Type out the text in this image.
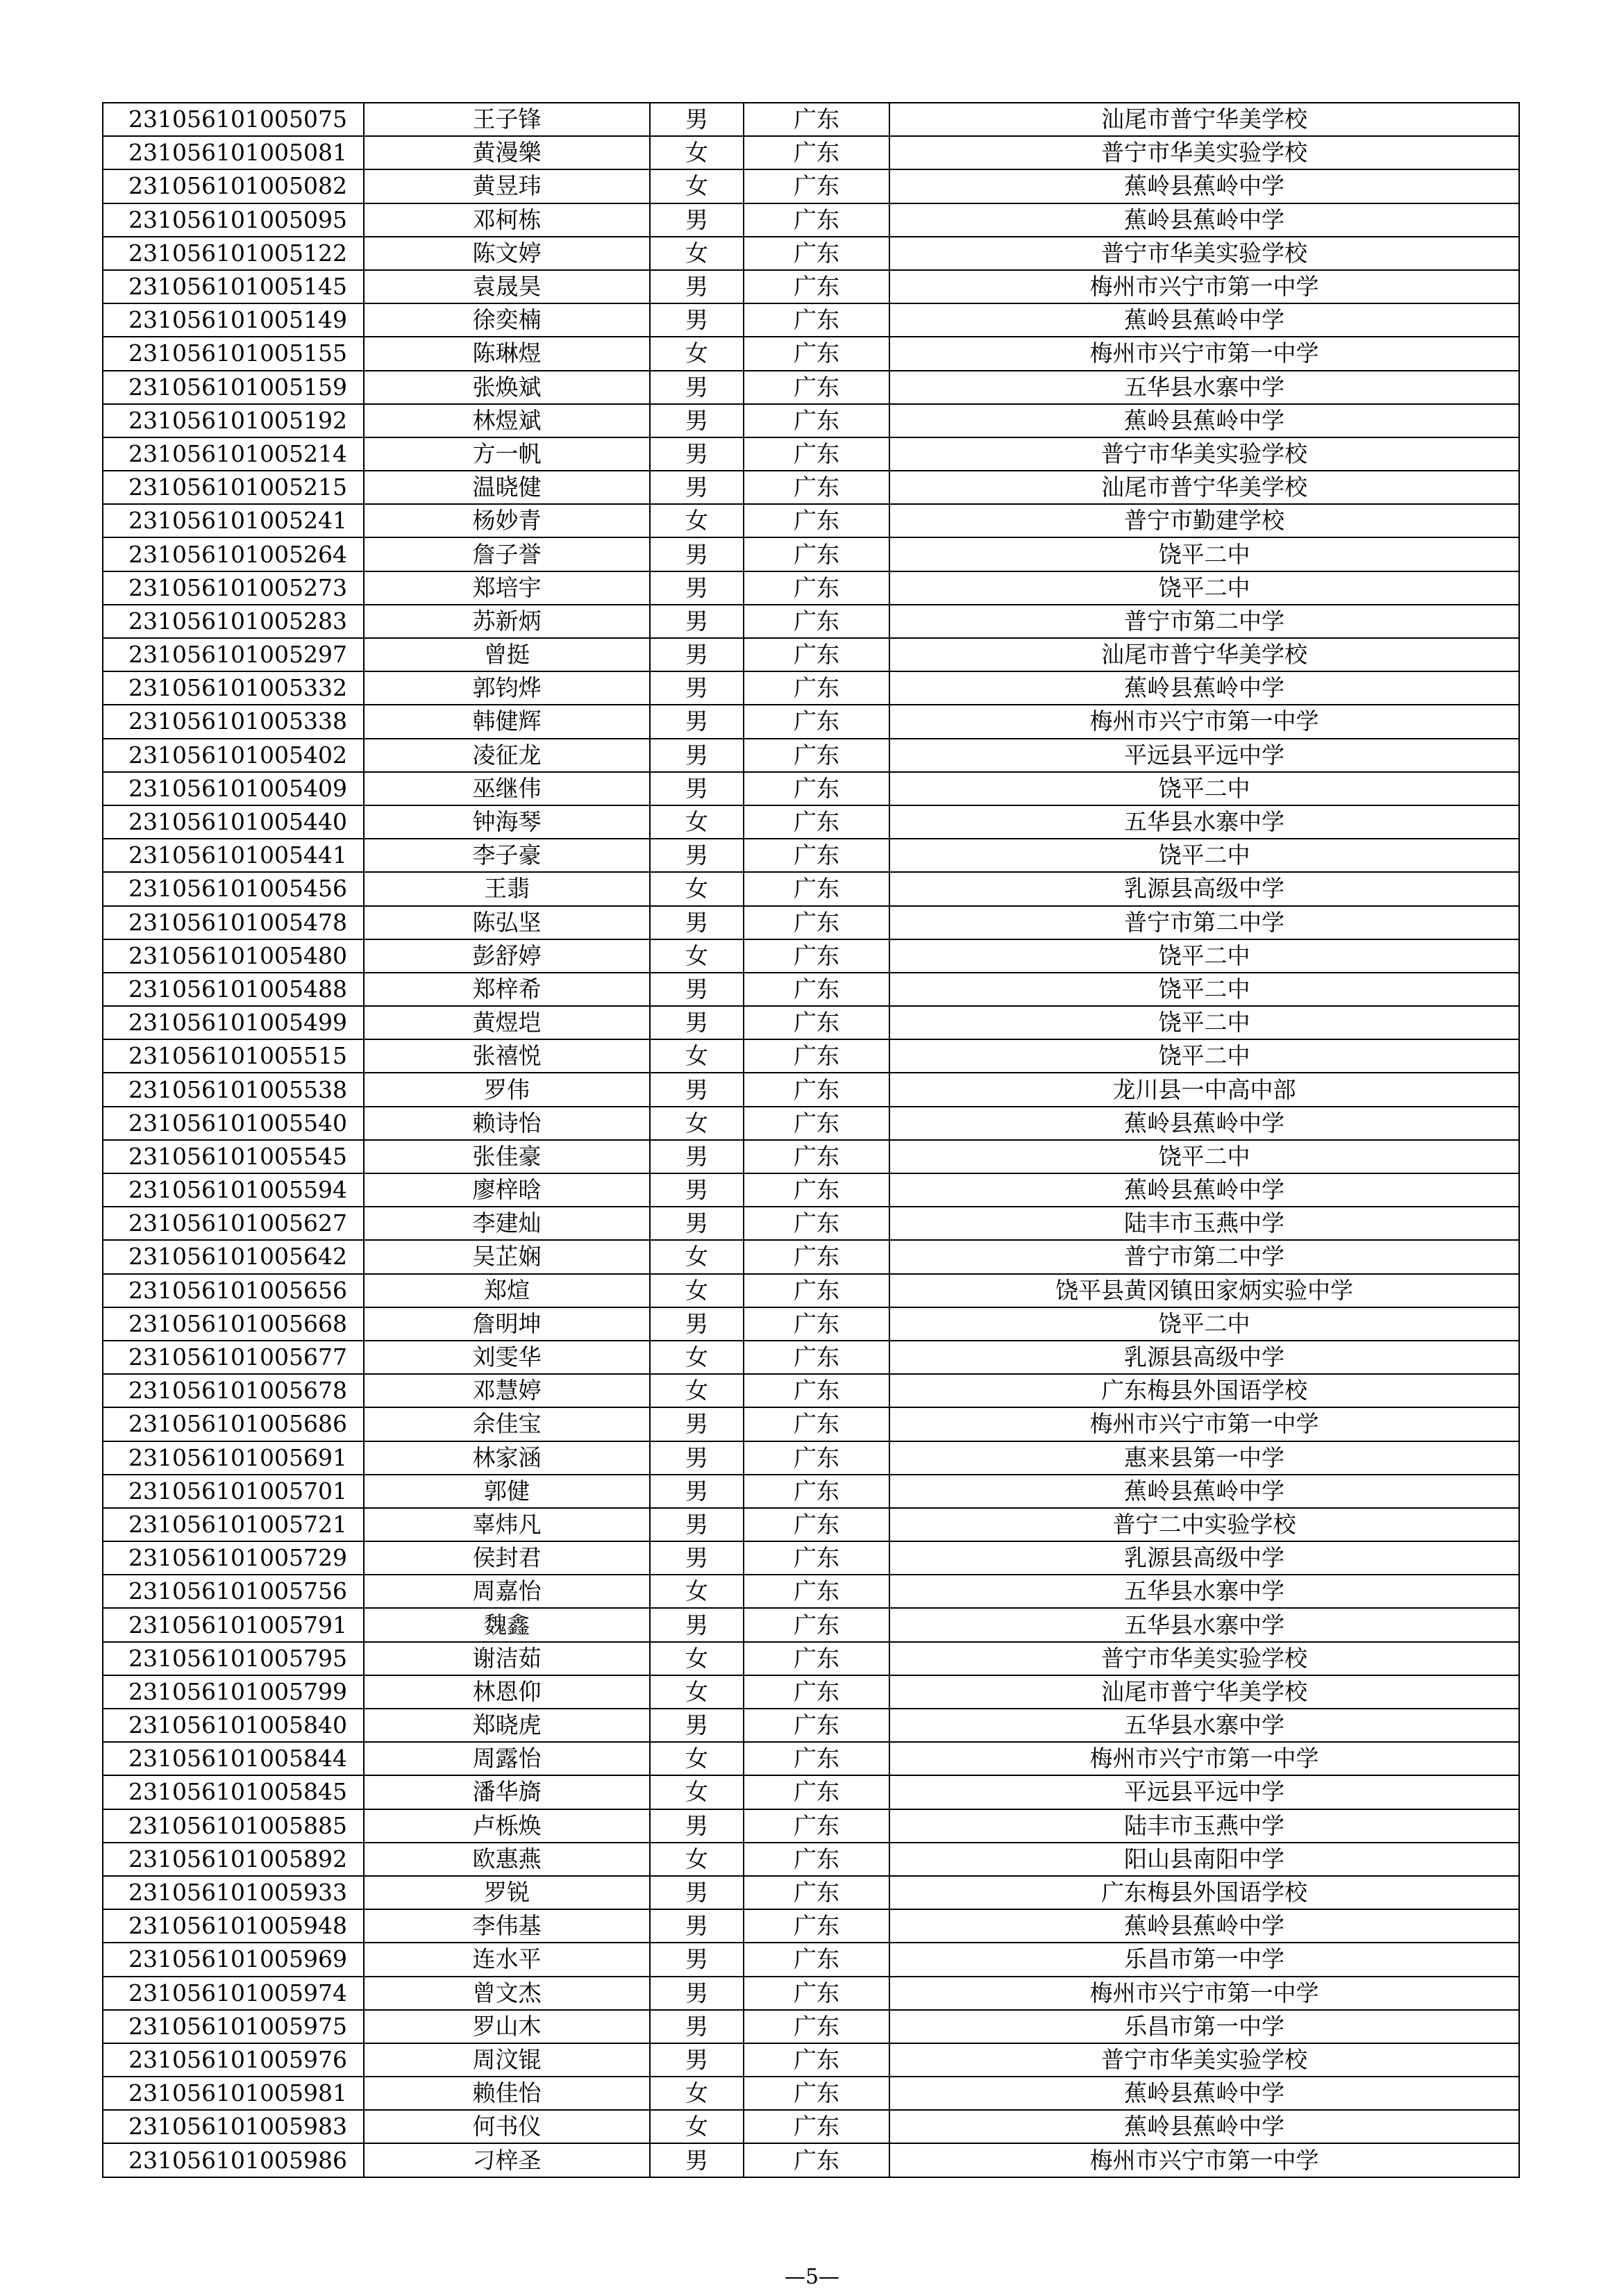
231056101005075	王子锋	男	广东	汕尾市普宁华美学校
231056101005081	黄漫樂	女	广东	普宁市华美实验学校
231056101005082	黄昱玮	女	广东	蕉岭县蕉岭中学
231056101005095	邓柯栋	男	广东	蕉岭县蕉岭中学
231056101005122	陈文婷	女	广东	普宁市华美实验学校
231056101005145	袁晟昊	男	广东	梅州市兴宁市第一中学
231056101005149	徐奕楠	男	广东	蕉岭县蕉岭中学
231056101005155	陈琳煜	女	广东	梅州市兴宁市第一中学
231056101005159	张焕斌	男	广东	五华县水寨中学
231056101005192	林煜斌	男	广东	蕉岭县蕉岭中学
231056101005214	方一帆	男	广东	普宁市华美实验学校
231056101005215	温晓健	男	广东	汕尾市普宁华美学校
231056101005241	杨妙青	女	广东	普宁市勤建学校
231056101005264	詹子誉	男	广东	饶平二中
231056101005273	郑培宇	男	广东	饶平二中
231056101005283	苏新炳	男	广东	普宁市第二中学
231056101005297	曾挺	男	广东	汕尾市普宁华美学校
231056101005332	郭钧烨	男	广东	蕉岭县蕉岭中学
231056101005338	韩健辉	男	广东	梅州市兴宁市第一中学
231056101005402	凌征龙	男	广东	平远县平远中学
231056101005409	巫继伟	男	广东	饶平二中
231056101005440	钟海琴	女	广东	五华县水寨中学
231056101005441	李子豪	男	广东	饶平二中
231056101005456	王翡	女	广东	乳源县高级中学
231056101005478	陈弘坚	男	广东	普宁市第二中学
231056101005480	彭舒婷	女	广东	饶平二中
231056101005488	郑梓希	男	广东	饶平二中
231056101005499	黄煜垲	男	广东	饶平二中
231056101005515	张禧悦	女	广东	饶平二中
231056101005538	罗伟	男	广东	龙川县一中高中部
231056101005540	赖诗怡	女	广东	蕉岭县蕉岭中学
231056101005545	张佳豪	男	广东	饶平二中
231056101005594	廖梓晗	男	广东	蕉岭县蕉岭中学
231056101005627	李建灿	男	广东	陆丰市玉燕中学
231056101005642	吴芷娴	女	广东	普宁市第二中学
231056101005656	郑煊	女	广东	饶平县黄冈镇田家炳实验中学
231056101005668	詹明坤	男	广东	饶平二中
231056101005677	刘雯华	女	广东	乳源县高级中学
231056101005678	邓慧婷	女	广东	广东梅县外国语学校
231056101005686	余佳宝	男	广东	梅州市兴宁市第一中学
231056101005691	林家涵	男	广东	惠来县第一中学
231056101005701	郭健	男	广东	蕉岭县蕉岭中学
231056101005721	辜炜凡	男	广东	普宁二中实验学校
231056101005729	侯封君	男	广东	乳源县高级中学
231056101005756	周嘉怡	女	广东	五华县水寨中学
231056101005791	魏鑫	男	广东	五华县水寨中学
231056101005795	谢洁茹	女	广东	普宁市华美实验学校
231056101005799	林恩仰	女	广东	汕尾市普宁华美学校
231056101005840	郑晓虎	男	广东	五华县水寨中学
231056101005844	周露怡	女	广东	梅州市兴宁市第一中学
231056101005845	潘华旖	女	广东	平远县平远中学
231056101005885	卢栎焕	男	广东	陆丰市玉燕中学
231056101005892	欧惠燕	女	广东	阳山县南阳中学
231056101005933	罗锐	男	广东	广东梅县外国语学校
231056101005948	李伟基	男	广东	蕉岭县蕉岭中学
231056101005969	连水平	男	广东	乐昌市第一中学
231056101005974	曾文杰	男	广东	梅州市兴宁市第一中学
231056101005975	罗山木	男	广东	乐昌市第一中学
231056101005976	周汶锟	男	广东	普宁市华美实验学校
231056101005981	赖佳怡	女	广东	蕉岭县蕉岭中学
231056101005983	何书仪	女	广东	蕉岭县蕉岭中学
231056101005986	刁梓圣	男	广东	梅州市兴宁市第一中学
—5—
